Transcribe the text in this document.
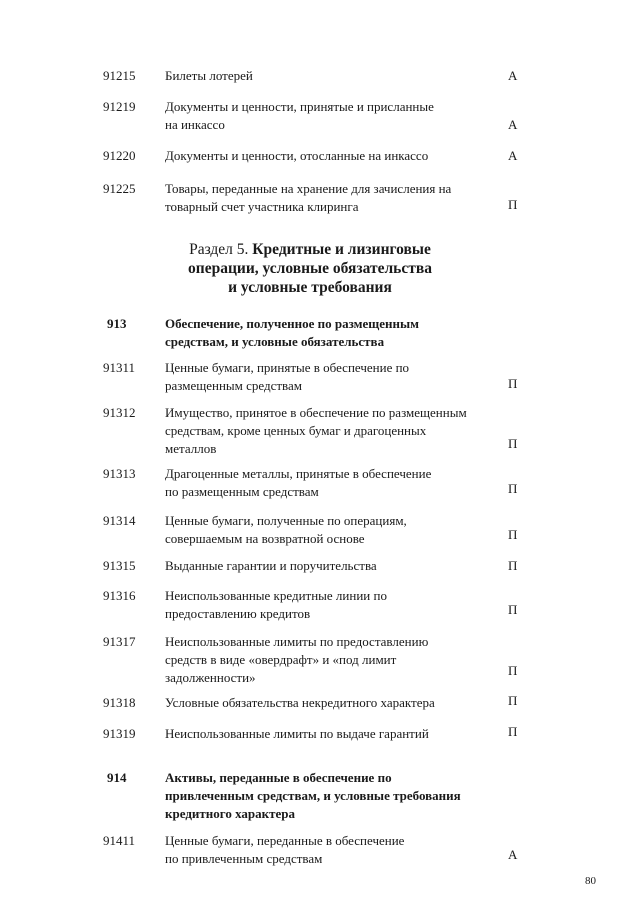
91215 Билеты лотерей	А
91219 Документы и ценности, принятые и присланные
на инкассо	А
91220 Документы и ценности, отосланные на инкассо	А
91225 Товары, переданные на хранение для зачисления на
товарный счет участника клиринга	П
Раздел 5. Кредитные и лизинговые
операции, условные обязательства
и условные требования
913	Обеспечение, полученное по размещенным
средствам, и условные обязательства
91311 Ценные бумаги, принятые в обеспечение по
размещенным средствам	П
91312 Имущество, принятое в обеспечение по размещенным
средствам, кроме ценных бумаг и драгоценных
металлов	П
91313 Драгоценные металлы, принятые в обеспечение
по размещенным средствам	П
91314 Ценные бумаги, полученные по операциям,
совершаемым на возвратной основе	П
91315 Выданные гарантии и поручительства	П
91316 Неиспользованные кредитные линии по
предоставлению кредитов	П
91317 Неиспользованные лимиты по предоставлению
средств в виде «овердрафт» и «под лимит
задолженности»	П
91318 Условные обязательства некредитного характера	П
91319 Неиспользованные лимиты по выдаче гарантий	П
914	Активы, переданные в обеспечение по
привлеченным средствам, и условные требования
кредитного характера
91411 Ценные бумаги, переданные в обеспечение
по привлеченным средствам	А
80
